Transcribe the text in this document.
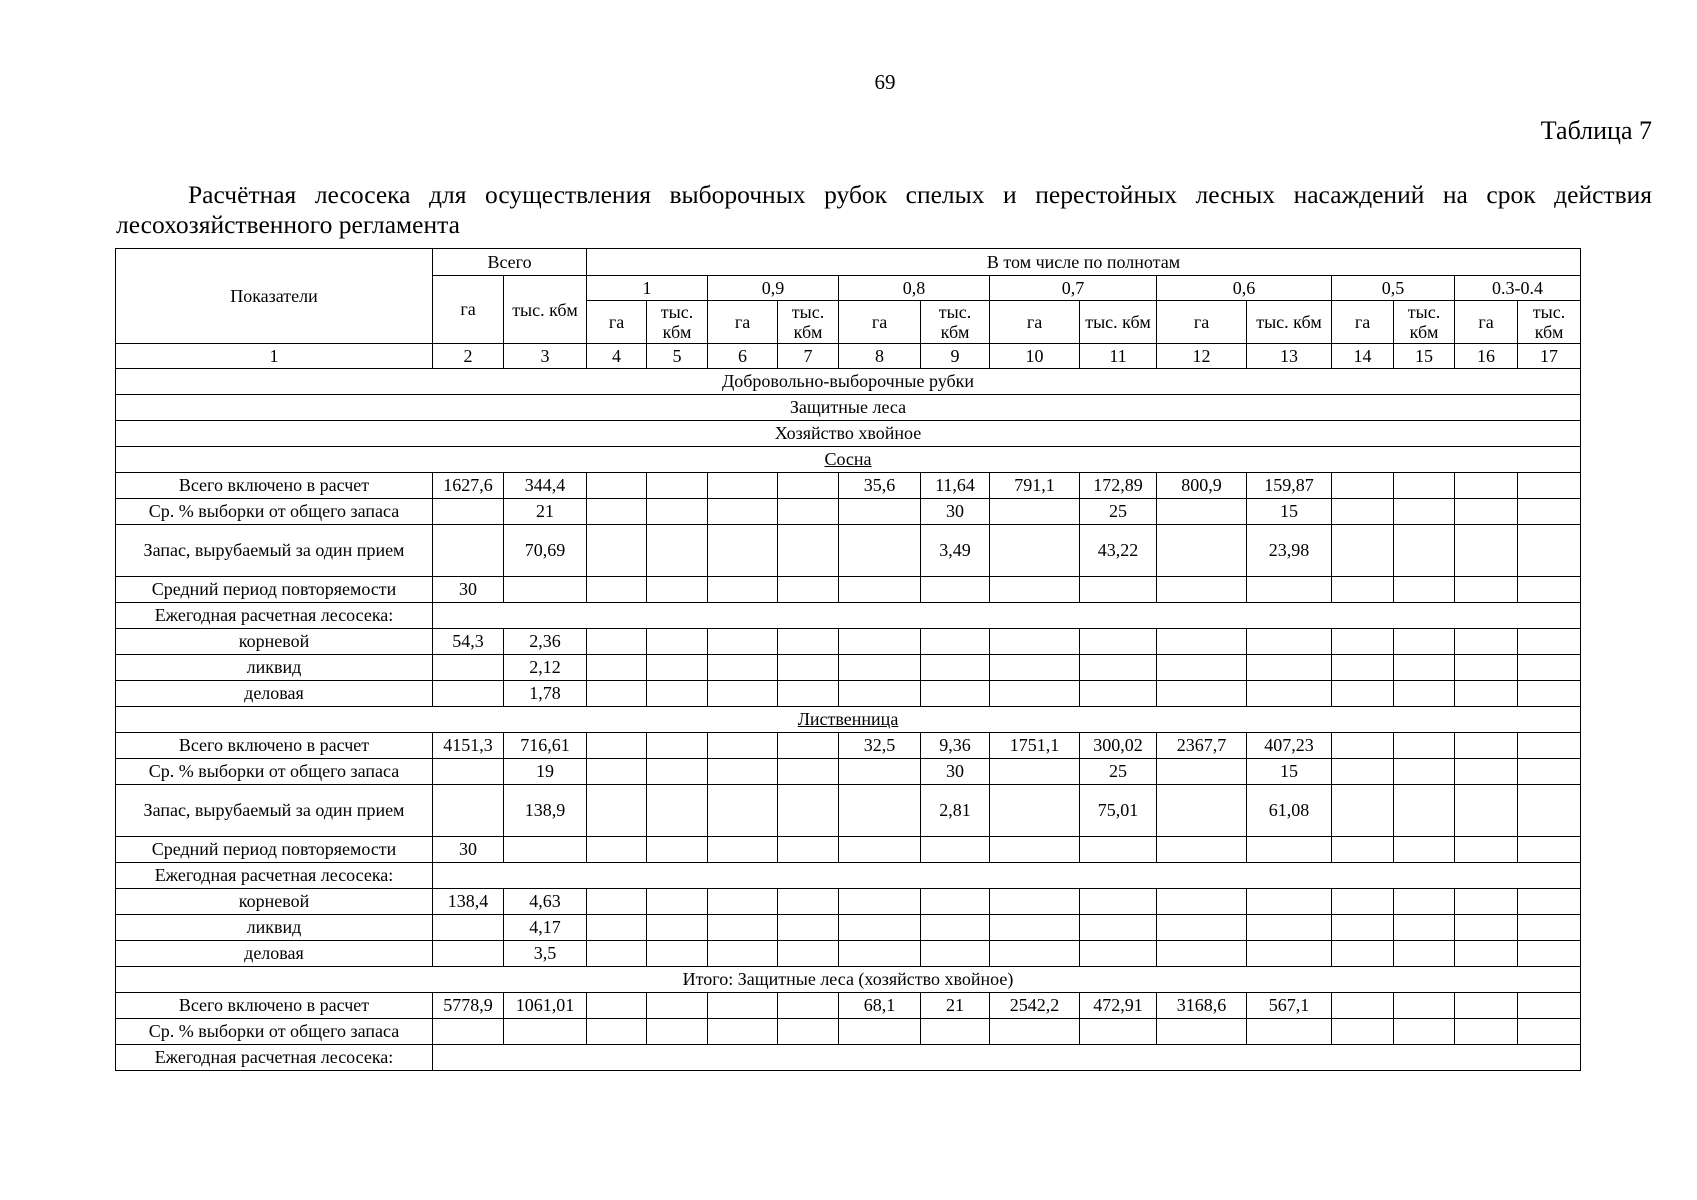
69
Таблица 7
Расчётная лесосека для осуществления выборочных рубок спелых и перестойных лесных насаждений на срок действия лесохозяйственного регламента
Показатели	Всего		В том числе по полнотам													
	га	тыс. кбм	1		0,9		0,8		0,7		0,6		0,5		0.3-0.4	
			га	тыс. кбм	га	тыс. кбм	га	тыс. кбм	га	тыс. кбм	га	тыс. кбм	га	тыс. кбм	га	тыс. кбм
1	2	3	4	5	6	7	8	9	10	11	12	13	14	15	16	17
Добровольно-выборочные рубки																
Защитные леса																
Хозяйство хвойное																
Сосна																
Всего включено в расчет	1627,6	344,4					35,6	11,64	791,1	172,89	800,9	159,87				
Ср. % выборки от общего запаса		21						30		25		15				
Запас, вырубаемый за один прием		70,69						3,49		43,22		23,98				
Средний период повторяемости	30															
Ежегодная расчетная лесосека:																
корневой	54,3	2,36														
ликвид		2,12														
деловая		1,78														
Лиственница																
Всего включено в расчет	4151,3	716,61					32,5	9,36	1751,1	300,02	2367,7	407,23				
Ср. % выборки от общего запаса		19						30		25		15				
Запас, вырубаемый за один прием		138,9						2,81		75,01		61,08				
Средний период повторяемости	30															
Ежегодная расчетная лесосека:																
корневой	138,4	4,63														
ликвид		4,17														
деловая		3,5														
Итого: Защитные леса (хозяйство хвойное)																
Всего включено в расчет	5778,9	1061,01					68,1	21	2542,2	472,91	3168,6	567,1				
Ср. % выборки от общего запаса																
Ежегодная расчетная лесосека:																
